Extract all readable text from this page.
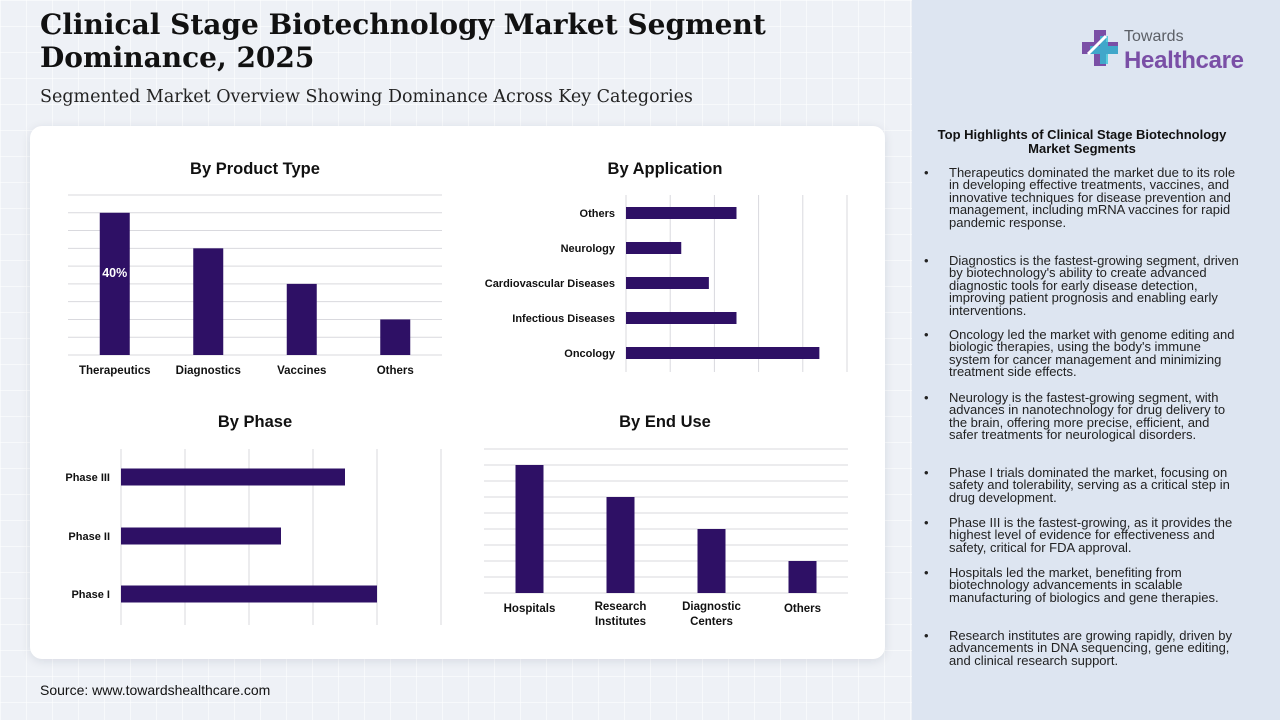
Clinical Stage Biotechnology Market Segment Dominance, 2025
Segmented Market Overview Showing Dominance Across Key Categories
Towards
Healthcare
By Product Type	By Application
By Phase	By End Use
Therapeutics Diagnostics	Vaccines	Others
40%
Others
Neurology
Cardiovascular Diseases
Infectious Diseases
Oncology
Phase III
Phase II
Phase I
Hospitals	Research Institutes
Diagnostic Centers
Others
Top Highlights of Clinical Stage Biotechnology Market Segments
• Therapeutics dominated the market due to its role in developing effective treatments, vaccines, and innovative techniques for disease prevention and management, including mRNA vaccines for rapid pandemic response.
• Diagnostics is the fastest-growing segment, driven by biotechnology's ability to create advanced diagnostic tools for early disease detection, improving patient prognosis and enabling early interventions.
• Oncology led the market with genome editing and biologic therapies, using the body's immune system for cancer management and minimizing treatment side effects.
• Neurology is the fastest-growing segment, with advances in nanotechnology for drug delivery to the brain, offering more precise, efficient, and safer treatments for neurological disorders.
• Phase I trials dominated the market, focusing on safety and tolerability, serving as a critical step in drug development.
• Phase III is the fastest-growing, as it provides the highest level of evidence for effectiveness and safety, critical for FDA approval.
• Hospitals led the market, benefiting from biotechnology advancements in scalable manufacturing of biologics and gene therapies.
• Research institutes are growing rapidly, driven by advancements in DNA sequencing, gene editing, and clinical research support.
Source: www.towardshealthcare.com
